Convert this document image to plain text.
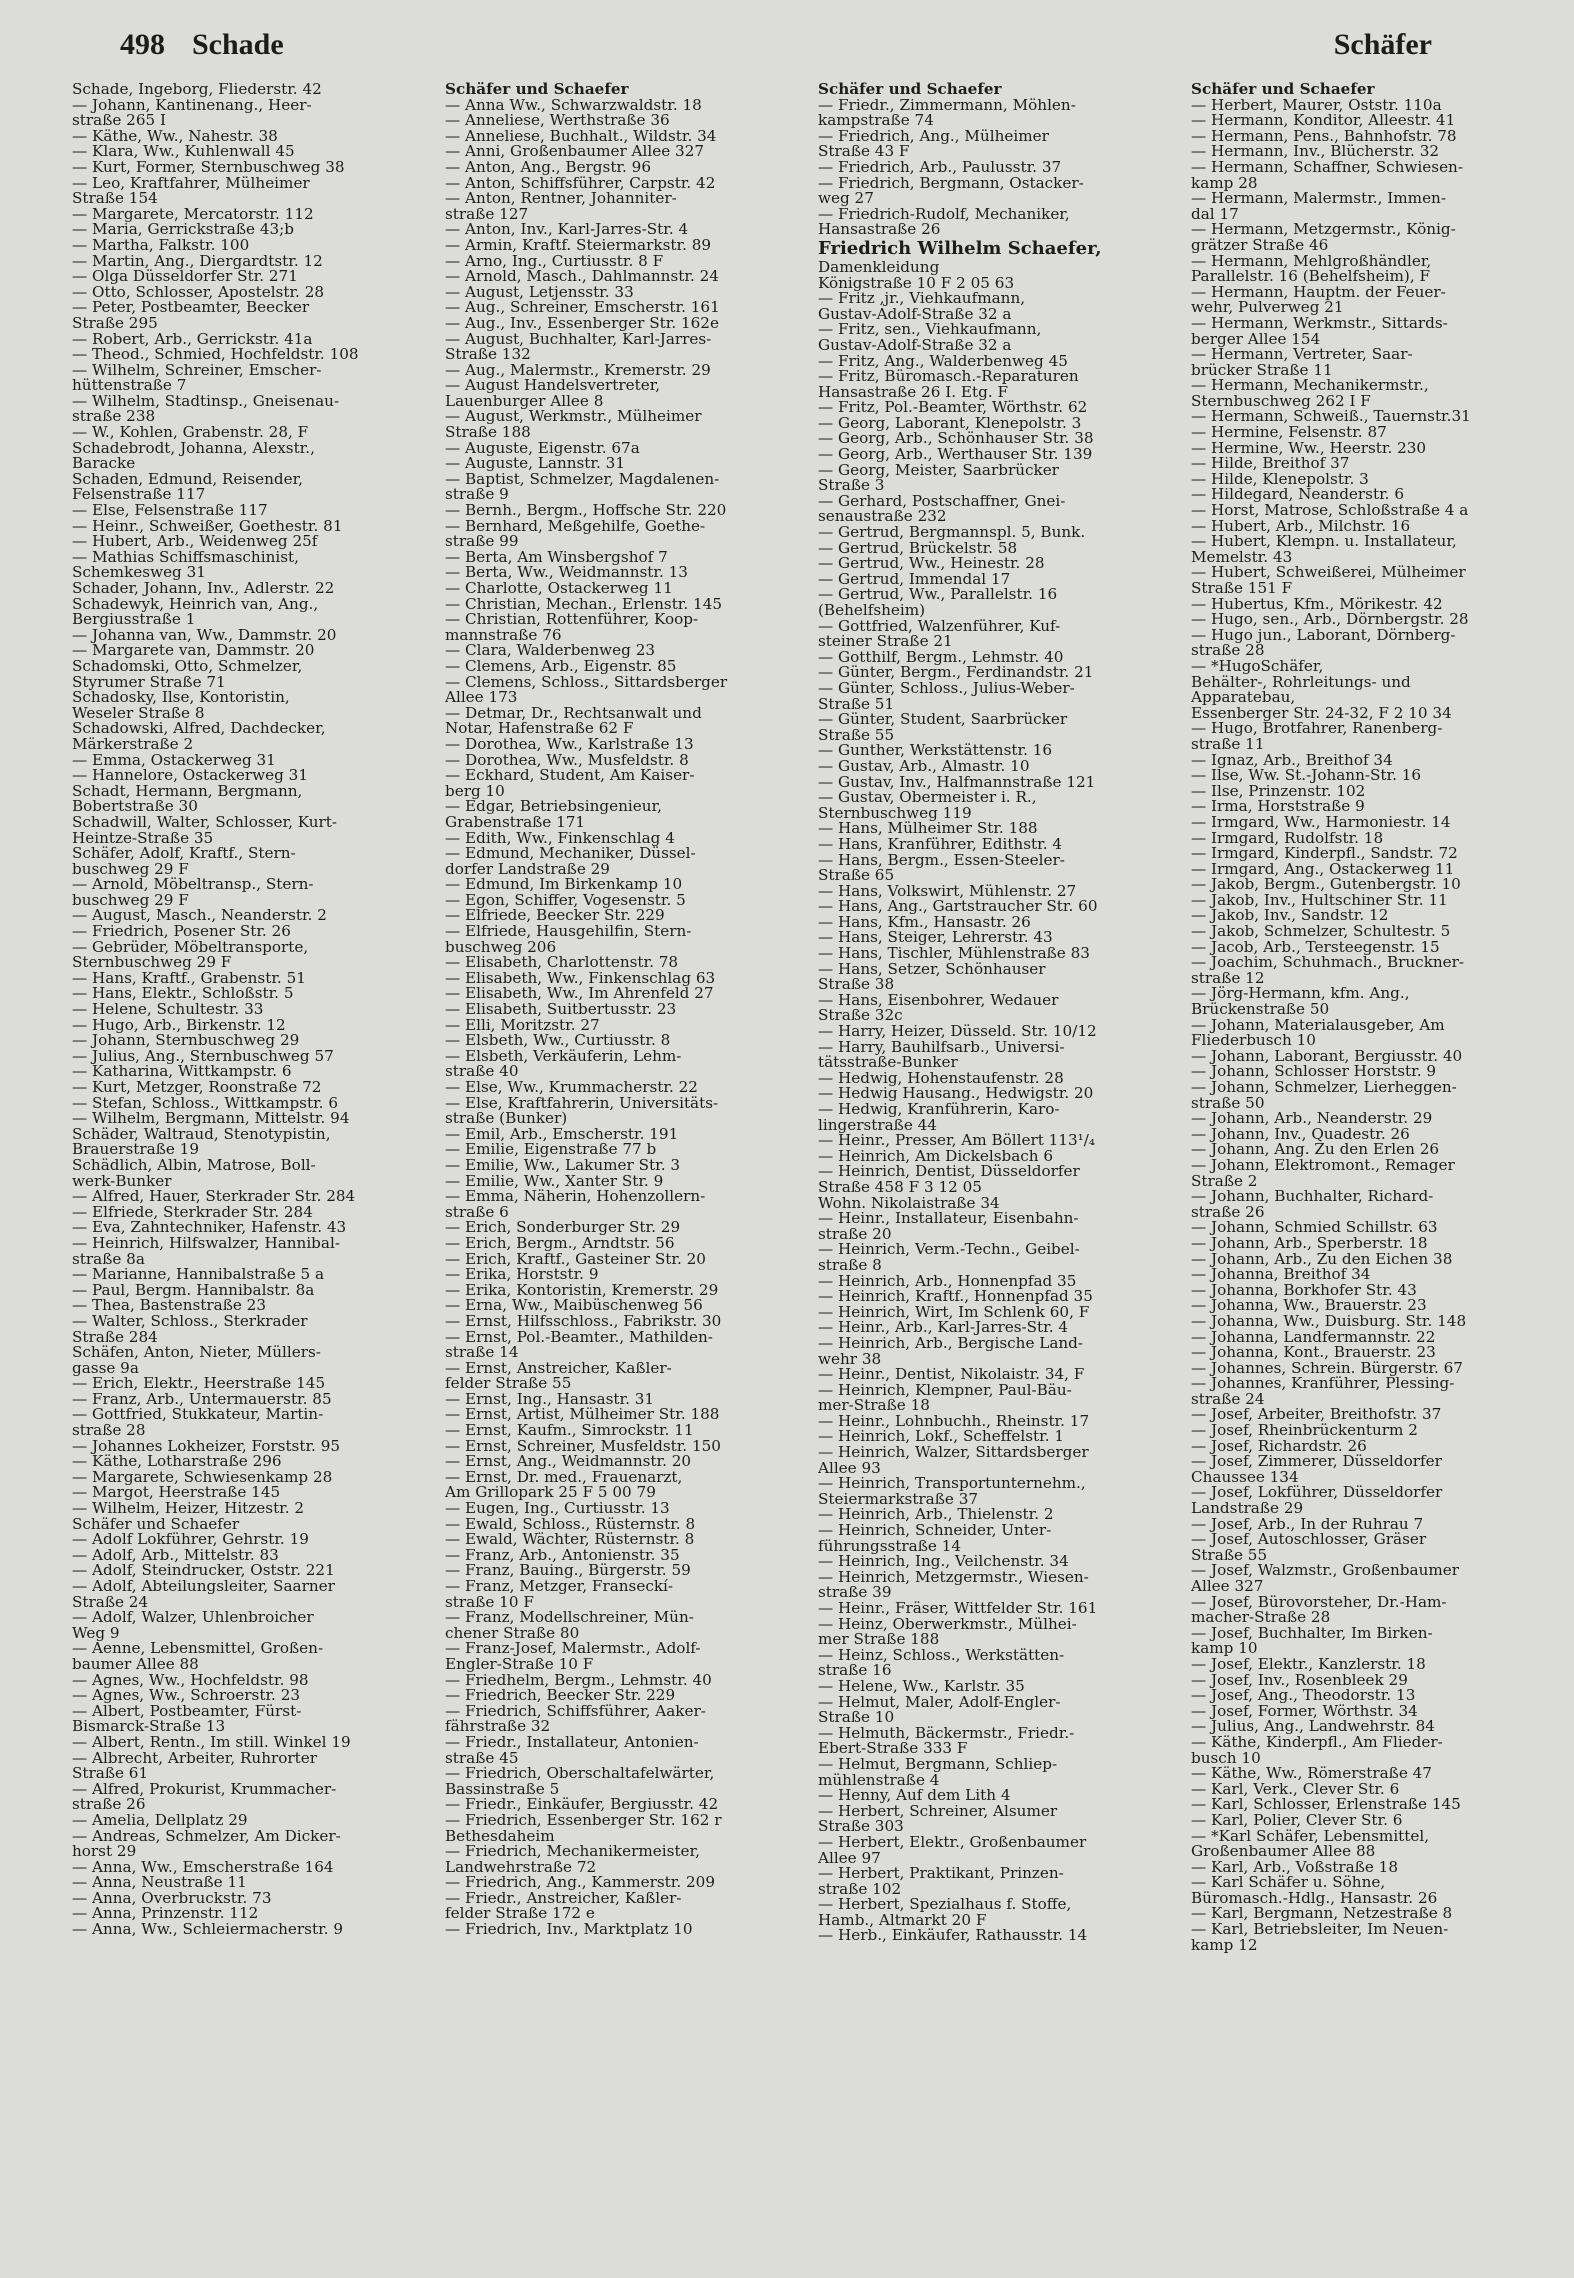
498 Schade	Schäfer
Schade, Ingeborg, Fliederstr. 42
— Johann, Kantinenang., Heer-
straße 265 I
— Käthe, Ww., Nahestr. 38
— Klara, Ww., Kuhlenwall 45
— Kurt, Former, Sternbuschweg 38
— Leo, Kraftfahrer, Mülheimer
Straße 154
— Margarete, Mercatorstr. 112
— Maria, Gerrickstraße 43;b
— Martha, Falkstr. 100
— Martin, Ang., Diergardtstr. 12
— Olga Düsseldorfer Str. 271
— Otto, Schlosser, Apostelstr. 28
— Peter, Postbeamter, Beecker
Straße 295
— Robert, Arb., Gerrickstr. 41a
— Theod., Schmied, Hochfeldstr. 108
— Wilhelm, Schreiner, Emscher-
hüttenstraße 7
— Wilhelm, Stadtinsp., Gneisenau-
straße 238
— W., Kohlen, Grabenstr. 28, F
Schadebrodt, Johanna, Alexstr.,
Baracke
Schaden, Edmund, Reisender,
Felsenstraße 117
— Else, Felsenstraße 117
— Heinr., Schweißer, Goethestr. 81
— Hubert, Arb., Weidenweg 25f
— Mathias Schiffsmaschinist,
Schemkesweg 31
Schader, Johann, Inv., Adlerstr. 22
Schadewyk, Heinrich van, Ang.,
Bergiusstraße 1
— Johanna van, Ww., Dammstr. 20
— Margarete van, Dammstr. 20
Schadomski, Otto, Schmelzer,
Styrumer Straße 71
Schadosky, Ilse, Kontoristin,
Weseler Straße 8
Schadowski, Alfred, Dachdecker,
Märkerstraße 2
— Emma, Ostackerweg 31
— Hannelore, Ostackerweg 31
Schadt, Hermann, Bergmann,
Bobertstraße 30
Schadwill, Walter, Schlosser, Kurt-
Heintze-Straße 35
Schäfer, Adolf, Kraftf., Stern-
buschweg 29 F
— Arnold, Möbeltransp., Stern-
buschweg 29 F
— August, Masch., Neanderstr. 2
— Friedrich, Posener Str. 26
— Gebrüder, Möbeltransporte,
Sternbuschweg 29 F
— Hans, Kraftf., Grabenstr. 51
— Hans, Elektr., Schloßstr. 5
— Helene, Schultestr. 33
— Hugo, Arb., Birkenstr. 12
— Johann, Sternbuschweg 29
— Julius, Ang., Sternbuschweg 57
— Katharina, Wittkampstr. 6
— Kurt, Metzger, Roonstraße 72
— Stefan, Schloss., Wittkampstr. 6
— Wilhelm, Bergmann, Mittelstr. 94
Schäder, Waltraud, Stenotypistin,
Brauerstraße 19
Schädlich, Albin, Matrose, Boll-
werk-Bunker
— Alfred, Hauer, Sterkrader Str. 284
— Elfriede, Sterkrader Str. 284
— Eva, Zahntechniker, Hafenstr. 43
— Heinrich, Hilfswalzer, Hannibal-
straße 8a
— Marianne, Hannibalstraße 5 a
— Paul, Bergm. Hannibalstr. 8a
— Thea, Bastenstraße 23
— Walter, Schloss., Sterkrader
Straße 284
Schäfen, Anton, Nieter, Müllers-
gasse 9a
— Erich, Elektr., Heerstraße 145
— Franz, Arb., Untermauerstr. 85
— Gottfried, Stukkateur, Martin-
straße 28
— Johannes Lokheizer, Forststr. 95
— Käthe, Lotharstraße 296
— Margarete, Schwiesenkamp 28
— Margot, Heerstraße 145
— Wilhelm, Heizer, Hitzestr. 2
Schäfer und Schaefer
— Adolf Lokführer, Gehrstr. 19
— Adolf, Arb., Mittelstr. 83
— Adolf, Steindrucker, Oststr. 221
— Adolf, Abteilungsleiter, Saarner
Straße 24
— Adolf, Walzer, Uhlenbroicher
Weg 9
— Aenne, Lebensmittel, Großen-
baumer Allee 88
— Agnes, Ww., Hochfeldstr. 98
— Agnes, Ww., Schroerstr. 23
— Albert, Postbeamter, Fürst-
Bismarck-Straße 13
— Albert, Rentn., Im still. Winkel 19
— Albrecht, Arbeiter, Ruhrorter
Straße 61
— Alfred, Prokurist, Krummacher-
straße 26
— Amelia, Dellplatz 29
— Andreas, Schmelzer, Am Dicker-
horst 29
— Anna, Ww., Emscherstraße 164
— Anna, Neustraße 11
— Anna, Overbruckstr. 73
— Anna, Prinzenstr. 112
— Anna, Ww., Schleiermacherstr. 9
Schäfer und Schaefer
— Anna Ww., Schwarzwaldstr. 18
— Anneliese, Werthstraße 36
— Anneliese, Buchhalt., Wildstr. 34
— Anni, Großenbaumer Allee 327
— Anton, Ang., Bergstr. 96
— Anton, Schiffsführer, Carpstr. 42
— Anton, Rentner, Johanniter-
straße 127
— Anton, Inv., Karl-Jarres-Str. 4
— Armin, Kraftf. Steiermarkstr. 89
— Arno, Ing., Curtiusstr. 8 F
— Arnold, Masch., Dahlmannstr. 24
— August, Letjensstr. 33
— Aug., Schreiner, Emscherstr. 161
— Aug., Inv., Essenberger Str. 162e
— August, Buchhalter, Karl-Jarres-
Straße 132
— Aug., Malermstr., Kremerstr. 29
— August Handelsvertreter,
Lauenburger Allee 8
— August, Werkmstr., Mülheimer
Straße 188
— Auguste, Eigenstr. 67a
— Auguste, Lannstr. 31
— Baptist, Schmelzer, Magdalenen-
straße 9
— Bernh., Bergm., Hoffsche Str. 220
— Bernhard, Meßgehilfe, Goethe-
straße 99
— Berta, Am Winsbergshof 7
— Berta, Ww., Weidmannstr. 13
— Charlotte, Ostackerweg 11
— Christian, Mechan., Erlenstr. 145
— Christian, Rottenführer, Koop-
mannstraße 76
— Clara, Walderbenweg 23
— Clemens, Arb., Eigenstr. 85
— Clemens, Schloss., Sittardsberger
Allee 173
— Detmar, Dr., Rechtsanwalt und
Notar, Hafenstraße 62 F
— Dorothea, Ww., Karlstraße 13
— Dorothea, Ww., Musfeldstr. 8
— Eckhard, Student, Am Kaiser-
berg 10
— Edgar, Betriebsingenieur,
Grabenstraße 171
— Edith, Ww., Finkenschlag 4
— Edmund, Mechaniker, Düssel-
dorfer Landstraße 29
— Edmund, Im Birkenkamp 10
— Egon, Schiffer, Vogesenstr. 5
— Elfriede, Beecker Str. 229
— Elfriede, Hausgehilfin, Stern-
buschweg 206
— Elisabeth, Charlottenstr. 78
— Elisabeth, Ww., Finkenschlag 63
— Elisabeth, Ww., Im Ahrenfeld 27
— Elisabeth, Suitbertusstr. 23
— Elli, Moritzstr. 27
— Elsbeth, Ww., Curtiusstr. 8
— Elsbeth, Verkäuferin, Lehm-
straße 40
— Else, Ww., Krummacherstr. 22
— Else, Kraftfahrerin, Universitäts-
straße (Bunker)
— Emil, Arb., Emscherstr. 191
— Emilie, Eigenstraße 77 b
— Emilie, Ww., Lakumer Str. 3
— Emilie, Ww., Xanter Str. 9
— Emma, Näherin, Hohenzollern-
straße 6
— Erich, Sonderburger Str. 29
— Erich, Bergm., Arndtstr. 56
— Erich, Kraftf., Gasteiner Str. 20
— Erika, Horststr. 9
— Erika, Kontoristin, Kremerstr. 29
— Erna, Ww., Maibüschenweg 56
— Ernst, Hilfsschloss., Fabrikstr. 30
— Ernst, Pol.-Beamter., Mathilden-
straße 14
— Ernst, Anstreicher, Kaßler-
felder Straße 55
— Ernst, Ing., Hansastr. 31
— Ernst, Artist, Mülheimer Str. 188
— Ernst, Kaufm., Simrockstr. 11
— Ernst, Schreiner, Musfeldstr. 150
— Ernst, Ang., Weidmannstr. 20
— Ernst, Dr. med., Frauenarzt,
Am Grillopark 25 F 5 00 79
— Eugen, Ing., Curtiusstr. 13
— Ewald, Schloss., Rüsternstr. 8
— Ewald, Wächter, Rüsternstr. 8
— Franz, Arb., Antonienstr. 35
— Franz, Bauing., Bürgerstr. 59
— Franz, Metzger, Franseckí-
straße 10 F
— Franz, Modellschreiner, Mün-
chener Straße 80
— Franz-Josef, Malermstr., Adolf-
Engler-Straße 10 F
— Friedhelm, Bergm., Lehmstr. 40
— Friedrich, Beecker Str. 229
— Friedrich, Schiffsführer, Aaker-
fährstraße 32
— Friedr., Installateur, Antonien-
straße 45
— Friedrich, Oberschaltafelwärter,
Bassinstraße 5
— Friedr., Einkäufer, Bergiusstr. 42
— Friedrich, Essenberger Str. 162 r
Bethesdaheim
— Friedrich, Mechanikermeister,
Landwehrstraße 72
— Friedrich, Ang., Kammerstr. 209
— Friedr., Anstreicher, Kaßler-
felder Straße 172 e
— Friedrich, Inv., Marktplatz 10
Schäfer und Schaefer
— Friedr., Zimmermann, Möhlen-
kampstraße 74
— Friedrich, Ang., Mülheimer
Straße 43 F
— Friedrich, Arb., Paulusstr. 37
— Friedrich, Bergmann, Ostacker-
weg 27
— Friedrich-Rudolf, Mechaniker,
Hansastraße 26
Friedrich Wilhelm Schaefer,
Damenkleidung
Königstraße 10 F 2 05 63
— Fritz ,jr., Viehkaufmann,
Gustav-Adolf-Straße 32 a
— Fritz, sen., Viehkaufmann,
Gustav-Adolf-Straße 32 a
— Fritz, Ang., Walderbenweg 45
— Fritz, Büromasch.-Reparaturen
Hansastraße 26 I. Etg. F
— Fritz, Pol.-Beamter, Wörthstr. 62
— Georg, Laborant, Klenepolstr. 3
— Georg, Arb., Schönhauser Str. 38
— Georg, Arb., Werthauser Str. 139
— Georg, Meister, Saarbrücker
Straße 3
— Gerhard, Postschaffner, Gnei-
senaustraße 232
— Gertrud, Bergmannspl. 5, Bunk.
— Gertrud, Brückelstr. 58
— Gertrud, Ww., Heinestr. 28
— Gertrud, Immendal 17
— Gertrud, Ww., Parallelstr. 16
(Behelfsheim)
— Gottfried, Walzenführer, Kuf-
steiner Straße 21
— Gotthilf, Bergm., Lehmstr. 40
— Günter, Bergm., Ferdinandstr. 21
— Günter, Schloss., Julius-Weber-
Straße 51
— Günter, Student, Saarbrücker
Straße 55
— Gunther, Werkstättenstr. 16
— Gustav, Arb., Almastr. 10
— Gustav, Inv., Halfmannstraße 121
— Gustav, Obermeister i. R.,
Sternbuschweg 119
— Hans, Mülheimer Str. 188
— Hans, Kranführer, Edithstr. 4
— Hans, Bergm., Essen-Steeler-
Straße 65
— Hans, Volkswirt, Mühlenstr. 27
— Hans, Ang., Gartstraucher Str. 60
— Hans, Kfm., Hansastr. 26
— Hans, Steiger, Lehrerstr. 43
— Hans, Tischler, Mühlenstraße 83
— Hans, Setzer, Schönhauser
Straße 38
— Hans, Eisenbohrer, Wedauer
Straße 32c
— Harry, Heizer, Düsseld. Str. 10/12
— Harry, Bauhilfsarb., Universi-
tätsstraße-Bunker
— Hedwig, Hohenstaufenstr. 28
— Hedwig Hausang., Hedwigstr. 20
— Hedwig, Kranführerin, Karo-
lingerstraße 44
— Heinr., Presser, Am Böllert 113¹/₄
— Heinrich, Am Dickelsbach 6
— Heinrich, Dentist, Düsseldorfer
Straße 458 F 3 12 05
Wohn. Nikolaistraße 34
— Heinr., Installateur, Eisenbahn-
straße 20
— Heinrich, Verm.-Techn., Geibel-
straße 8
— Heinrich, Arb., Honnenpfad 35
— Heinrich, Kraftf., Honnenpfad 35
— Heinrich, Wirt, Im Schlenk 60, F
— Heinr., Arb., Karl-Jarres-Str. 4
— Heinrich, Arb., Bergische Land-
wehr 38
— Heinr., Dentist, Nikolaistr. 34, F
— Heinrich, Klempner, Paul-Bäu-
mer-Straße 18
— Heinr., Lohnbuchh., Rheinstr. 17
— Heinrich, Lokf., Scheffelstr. 1
— Heinrich, Walzer, Sittardsberger
Allee 93
— Heinrich, Transportunternehm.,
Steiermarkstraße 37
— Heinrich, Arb., Thielenstr. 2
— Heinrich, Schneider, Unter-
führungsstraße 14
— Heinrich, Ing., Veilchenstr. 34
— Heinrich, Metzgermstr., Wiesen-
straße 39
— Heinr., Fräser, Wittfelder Str. 161
— Heinz, Oberwerkmstr., Mülhei-
mer Straße 188
— Heinz, Schloss., Werkstätten-
straße 16
— Helene, Ww., Karlstr. 35
— Helmut, Maler, Adolf-Engler-
Straße 10
— Helmuth, Bäckermstr., Friedr.-
Ebert-Straße 333 F
— Helmut, Bergmann, Schliep-
mühlenstraße 4
— Henny, Auf dem Lith 4
— Herbert, Schreiner, Alsumer
Straße 303
— Herbert, Elektr., Großenbaumer
Allee 97
— Herbert, Praktikant, Prinzen-
straße 102
— Herbert, Spezialhaus f. Stoffe,
Hamb., Altmarkt 20 F
— Herb., Einkäufer, Rathausstr. 14
Schäfer und Schaefer
— Herbert, Maurer, Oststr. 110a
— Hermann, Konditor, Alleestr. 41
— Hermann, Pens., Bahnhofstr. 78
— Hermann, Inv., Blücherstr. 32
— Hermann, Schaffner, Schwiesen-
kamp 28
— Hermann, Malermstr., Immen-
dal 17
— Hermann, Metzgermstr., König-
grätzer Straße 46
— Hermann, Mehlgroßhändler,
Parallelstr. 16 (Behelfsheim), F
— Hermann, Hauptm. der Feuer-
wehr, Pulverweg 21
— Hermann, Werkmstr., Sittards-
berger Allee 154
— Hermann, Vertreter, Saar-
brücker Straße 11
— Hermann, Mechanikermstr.,
Sternbuschweg 262 I F
— Hermann, Schweiß., Tauernstr.31
— Hermine, Felsenstr. 87
— Hermine, Ww., Heerstr. 230
— Hilde, Breithof 37
— Hilde, Klenepolstr. 3
— Hildegard, Neanderstr. 6
— Horst, Matrose, Schloßstraße 4 a
— Hubert, Arb., Milchstr. 16
— Hubert, Klempn. u. Installateur,
Memelstr. 43
— Hubert, Schweißerei, Mülheimer
Straße 151 F
— Hubertus, Kfm., Mörikestr. 42
— Hugo, sen., Arb., Dörnbergstr. 28
— Hugo jun., Laborant, Dörnberg-
straße 28
— *HugoSchäfer,
Behälter-, Rohrleitungs- und
Apparatebau,
Essenberger Str. 24-32, F 2 10 34
— Hugo, Brotfahrer, Ranenberg-
straße 11
— Ignaz, Arb., Breithof 34
— Ilse, Ww. St.-Johann-Str. 16
— Ilse, Prinzenstr. 102
— Irma, Horststraße 9
— Irmgard, Ww., Harmoniestr. 14
— Irmgard, Rudolfstr. 18
— Irmgard, Kinderpfl., Sandstr. 72
— Irmgard, Ang., Ostackerweg 11
— Jakob, Bergm., Gutenbergstr. 10
— Jakob, Inv., Hultschiner Str. 11
— Jakob, Inv., Sandstr. 12
— Jakob, Schmelzer, Schultestr. 5
— Jacob, Arb., Tersteegenstr. 15
— Joachim, Schuhmach., Bruckner-
straße 12
— Jörg-Hermann, kfm. Ang.,
Brückenstraße 50
— Johann, Materialausgeber, Am
Fliederbusch 10
— Johann, Laborant, Bergiusstr. 40
— Johann, Schlosser Horststr. 9
— Johann, Schmelzer, Lierheggen-
straße 50
— Johann, Arb., Neanderstr. 29
— Johann, Inv., Quadestr. 26
— Johann, Ang. Zu den Erlen 26
— Johann, Elektromont., Remager
Straße 2
— Johann, Buchhalter, Richard-
straße 26
— Johann, Schmied Schillstr. 63
— Johann, Arb., Sperberstr. 18
— Johann, Arb., Zu den Eichen 38
— Johanna, Breithof 34
— Johanna, Borkhofer Str. 43
— Johanna, Ww., Brauerstr. 23
— Johanna, Ww., Duisburg. Str. 148
— Johanna, Landfermannstr. 22
— Johanna, Kont., Brauerstr. 23
— Johannes, Schrein. Bürgerstr. 67
— Johannes, Kranführer, Plessing-
straße 24
— Josef, Arbeiter, Breithofstr. 37
— Josef, Rheinbrückenturm 2
— Josef, Richardstr. 26
— Josef, Zimmerer, Düsseldorfer
Chaussee 134
— Josef, Lokführer, Düsseldorfer
Landstraße 29
— Josef, Arb., In der Ruhrau 7
— Josef, Autoschlosser, Gräser
Straße 55
— Josef, Walzmstr., Großenbaumer
Allee 327
— Josef, Bürovorsteher, Dr.-Ham-
macher-Straße 28
— Josef, Buchhalter, Im Birken-
kamp 10
— Josef, Elektr., Kanzlerstr. 18
— Josef, Inv., Rosenbleek 29
— Josef, Ang., Theodorstr. 13
— Josef, Former, Wörthstr. 34
— Julius, Ang., Landwehrstr. 84
— Käthe, Kinderpfl., Am Flieder-
busch 10
— Käthe, Ww., Römerstraße 47
— Karl, Verk., Clever Str. 6
— Karl, Schlosser, Erlenstraße 145
— Karl, Polier, Clever Str. 6
— *Karl Schäfer, Lebensmittel,
Großenbaumer Allee 88
— Karl, Arb., Voßstraße 18
— Karl Schäfer u. Söhne,
Büromasch.-Hdlg., Hansastr. 26
— Karl, Bergmann, Netzestraße 8
— Karl, Betriebsleiter, Im Neuen-
kamp 12
